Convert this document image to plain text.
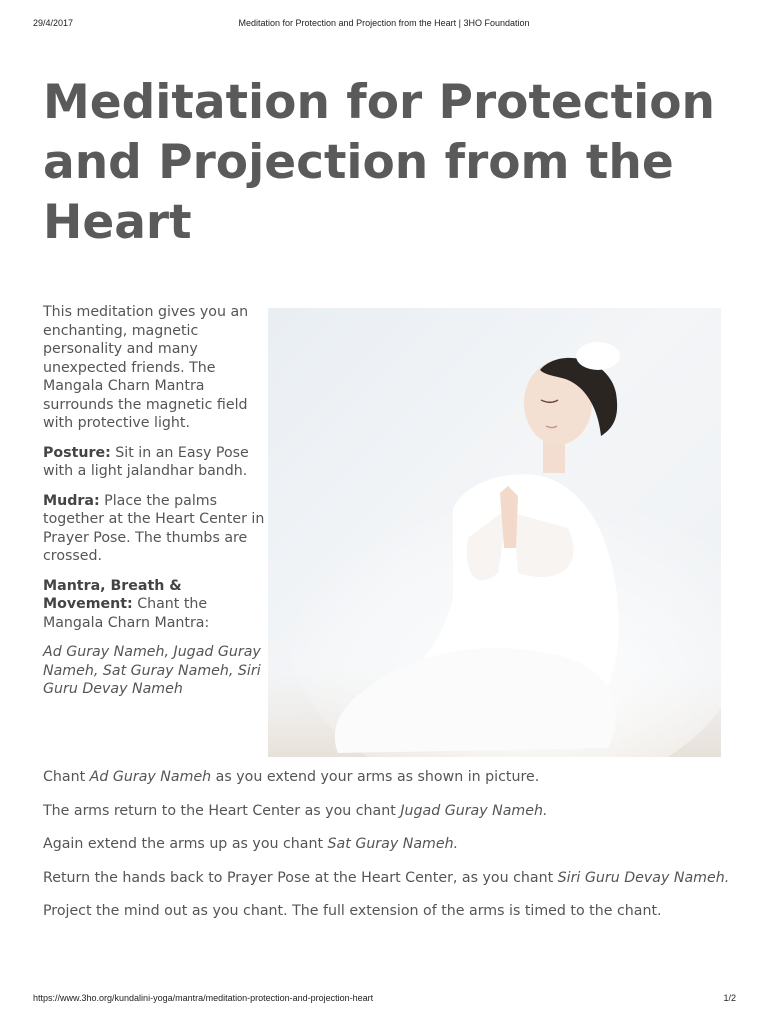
29/4/2017	Meditation for Protection and Projection from the Heart | 3HO Foundation
Meditation for Protection and Projection from the Heart

This meditation gives you an enchanting, magnetic personality and many unexpected friends. The Mangala Charn Mantra surrounds the magnetic field with protective light.

Posture: Sit in an Easy Pose with a light jalandhar bandh.

Mudra: Place the palms together at the Heart Center in Prayer Pose. The thumbs are crossed.

Mantra, Breath & Movement: Chant the Mangala Charn Mantra:

Ad Guray Nameh, Jugad Guray Nameh, Sat Guray Nameh, Siri Guru Devay Nameh

Chant Ad Guray Nameh as you extend your arms as shown in picture.

The arms return to the Heart Center as you chant Jugad Guray Nameh.

Again extend the arms up as you chant Sat Guray Nameh.

Return the hands back to Prayer Pose at the Heart Center, as you chant Siri Guru Devay Nameh.

Project the mind out as you chant. The full extension of the arms is timed to the chant.

https://www.3ho.org/kundalini-yoga/mantra/meditation-protection-and-projection-heart	1/2
